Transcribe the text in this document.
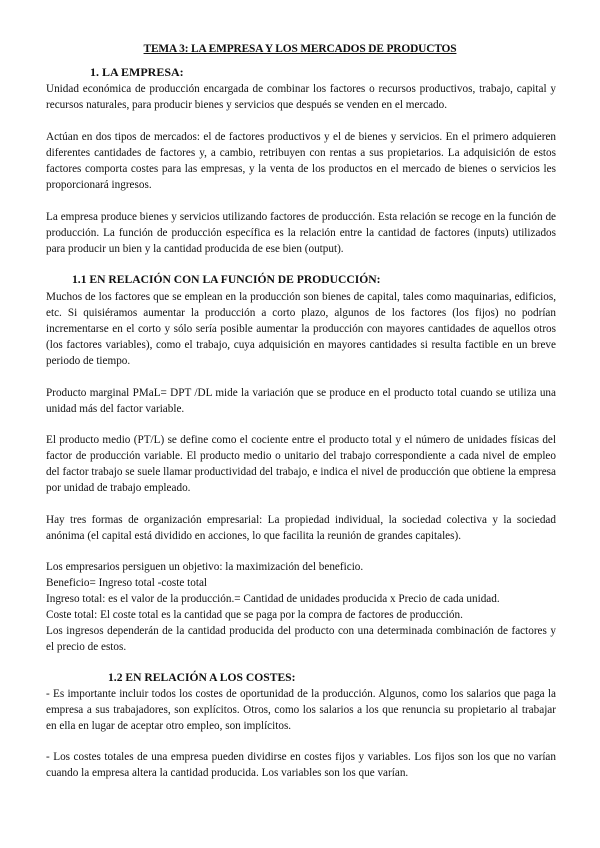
TEMA 3: LA EMPRESA Y LOS MERCADOS DE PRODUCTOS
1. LA EMPRESA:
Unidad económica de producción encargada de combinar los factores o recursos productivos, trabajo, capital y recursos naturales, para producir bienes y servicios que después se venden en el mercado.
Actúan en dos tipos de mercados: el de factores productivos y el de bienes y servicios. En el primero adquieren diferentes cantidades de factores y, a cambio, retribuyen con rentas a sus propietarios. La adquisición de estos factores comporta costes para las empresas, y la venta de los productos en el mercado de bienes o servicios les proporcionará ingresos.
La empresa produce bienes y servicios utilizando factores de producción. Esta relación se recoge en la función de producción. La función de producción específica es la relación entre la cantidad de factores (inputs) utilizados para producir un bien y la cantidad producida de ese bien (output).
1.1 EN RELACIÓN CON LA FUNCIÓN DE PRODUCCIÓN:
Muchos de los factores que se emplean en la producción son bienes de capital, tales como maquinarias, edificios, etc. Si quisiéramos aumentar la producción a corto plazo, algunos de los factores (los fijos) no podrían incrementarse en el corto y sólo sería posible aumentar la producción con mayores cantidades de aquellos otros (los factores variables), como el trabajo, cuya adquisición en mayores cantidades si resulta factible en un breve periodo de tiempo.
Producto marginal PMaL= DPT /DL mide la variación que se produce en el producto total cuando se utiliza una unidad más del factor variable.
El producto medio (PT/L) se define como el cociente entre el producto total y el número de unidades físicas del factor de producción variable. El producto medio o unitario del trabajo correspondiente a cada nivel de empleo del factor trabajo se suele llamar productividad del trabajo, e indica el nivel de producción que obtiene la empresa por unidad de trabajo empleado.
Hay tres formas de organización empresarial: La propiedad individual, la sociedad colectiva y la sociedad anónima (el capital está dividido en acciones, lo que facilita la reunión de grandes capitales).
Los empresarios persiguen un objetivo: la maximización del beneficio.
Beneficio= Ingreso total -coste total
Ingreso total: es el valor de la producción.= Cantidad de unidades producida x Precio de cada unidad.
Coste total: El coste total es la cantidad que se paga por la compra de factores de producción.
Los ingresos dependerán de la cantidad producida del producto con una determinada combinación de factores y el precio de estos.
1.2 EN RELACIÓN A LOS COSTES:
- Es importante incluir todos los costes de oportunidad de la producción. Algunos, como los salarios que paga la empresa a sus trabajadores, son explícitos. Otros, como los salarios a los que renuncia su propietario al trabajar en ella en lugar de aceptar otro empleo, son implícitos.
- Los costes totales de una empresa pueden dividirse en costes fijos y variables. Los fijos son los que no varían cuando la empresa altera la cantidad producida. Los variables son los que varían.
